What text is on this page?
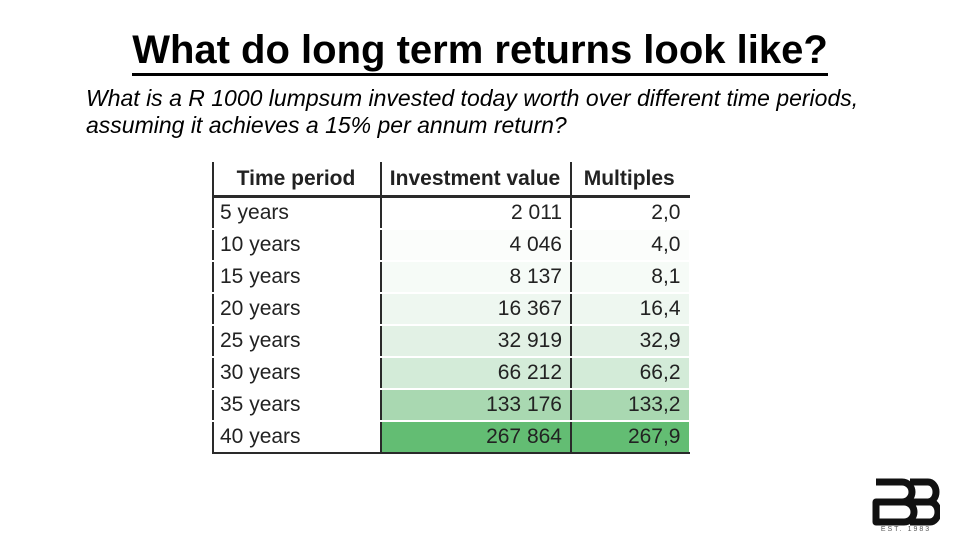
What do long term returns look like?

What is a R 1000 lumpsum invested today worth over different time periods, assuming it achieves a 15% per annum return?

Time period	Investment value	Multiples
5 years	2 011	2,0
10 years	4 046	4,0
15 years	8 137	8,1
20 years	16 367	16,4
25 years	32 919	32,9
30 years	66 212	66,2
35 years	133 176	133,2
40 years	267 864	267,9
EST. 1983
